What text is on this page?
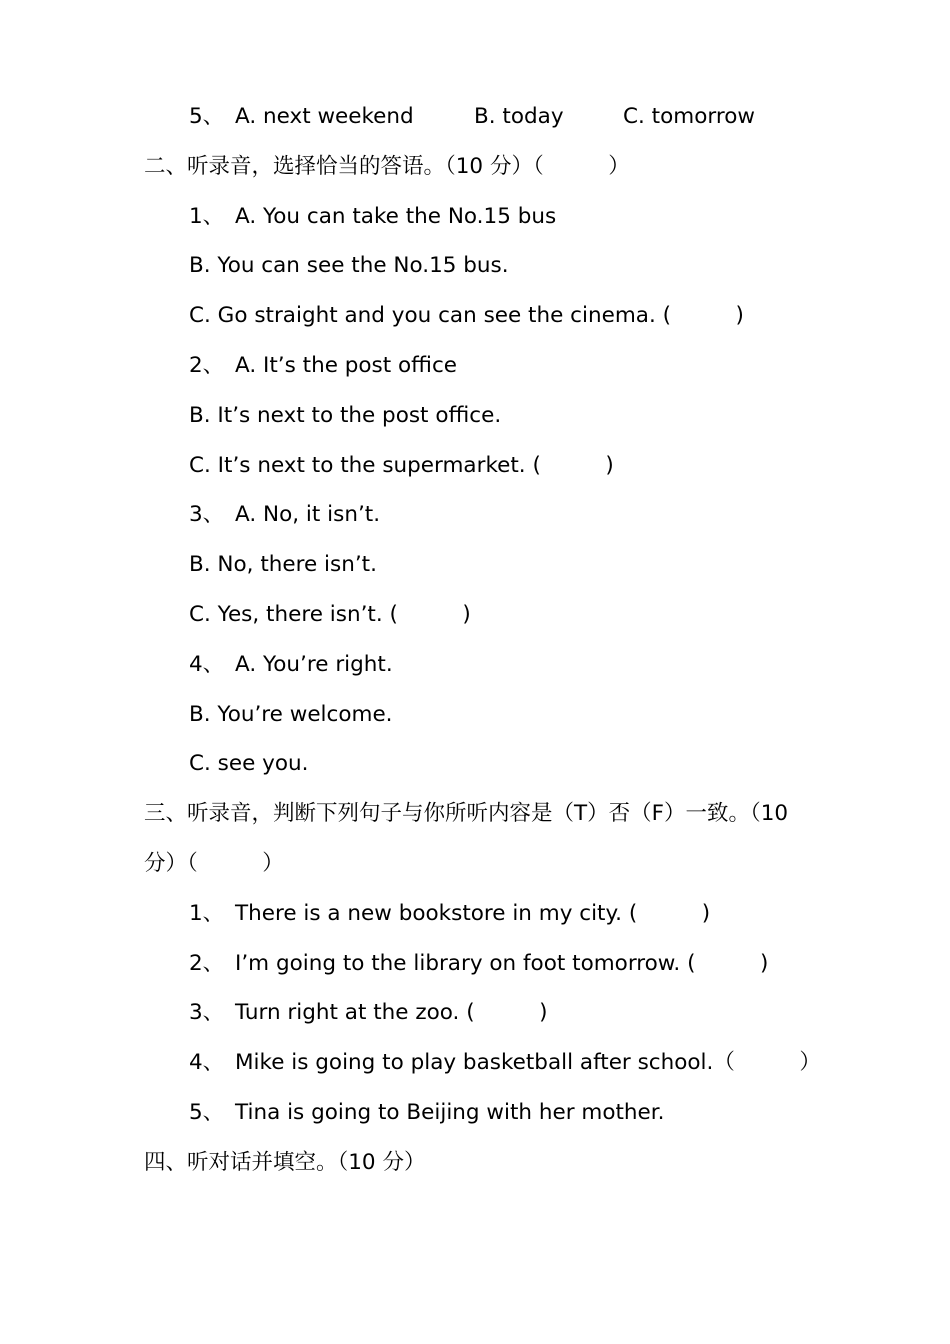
5、 A. next weekend	B. today	C. tomorrow
二、听录音，选择恰当的答语。（10 分）（　　　）
1、 A. You can take the No.15 bus
B. You can see the No.15 bus.
C. Go straight and you can see the cinema. (　　　)
2、 A. It’s the post office
B. It’s next to the post office.
C. It’s next to the supermarket. (　　　)
3、 A. No, it isn’t.
B. No, there isn’t.
C. Yes, there isn’t. (　　　)
4、 A. You’re right.
B. You’re welcome.
C. see you.
三、听录音，判断下列句子与你所听内容是（T）否（F）一致。（10
分）（　　　）
1、 There is a new bookstore in my city. (　　　)
2、 I’m going to the library on foot tomorrow. (　　　)
3、 Turn right at the zoo. (　　　)
4、 Mike is going to play basketball after school.（　　　）
5、 Tina is going to Beijing with her mother.
四、听对话并填空。（10 分）
